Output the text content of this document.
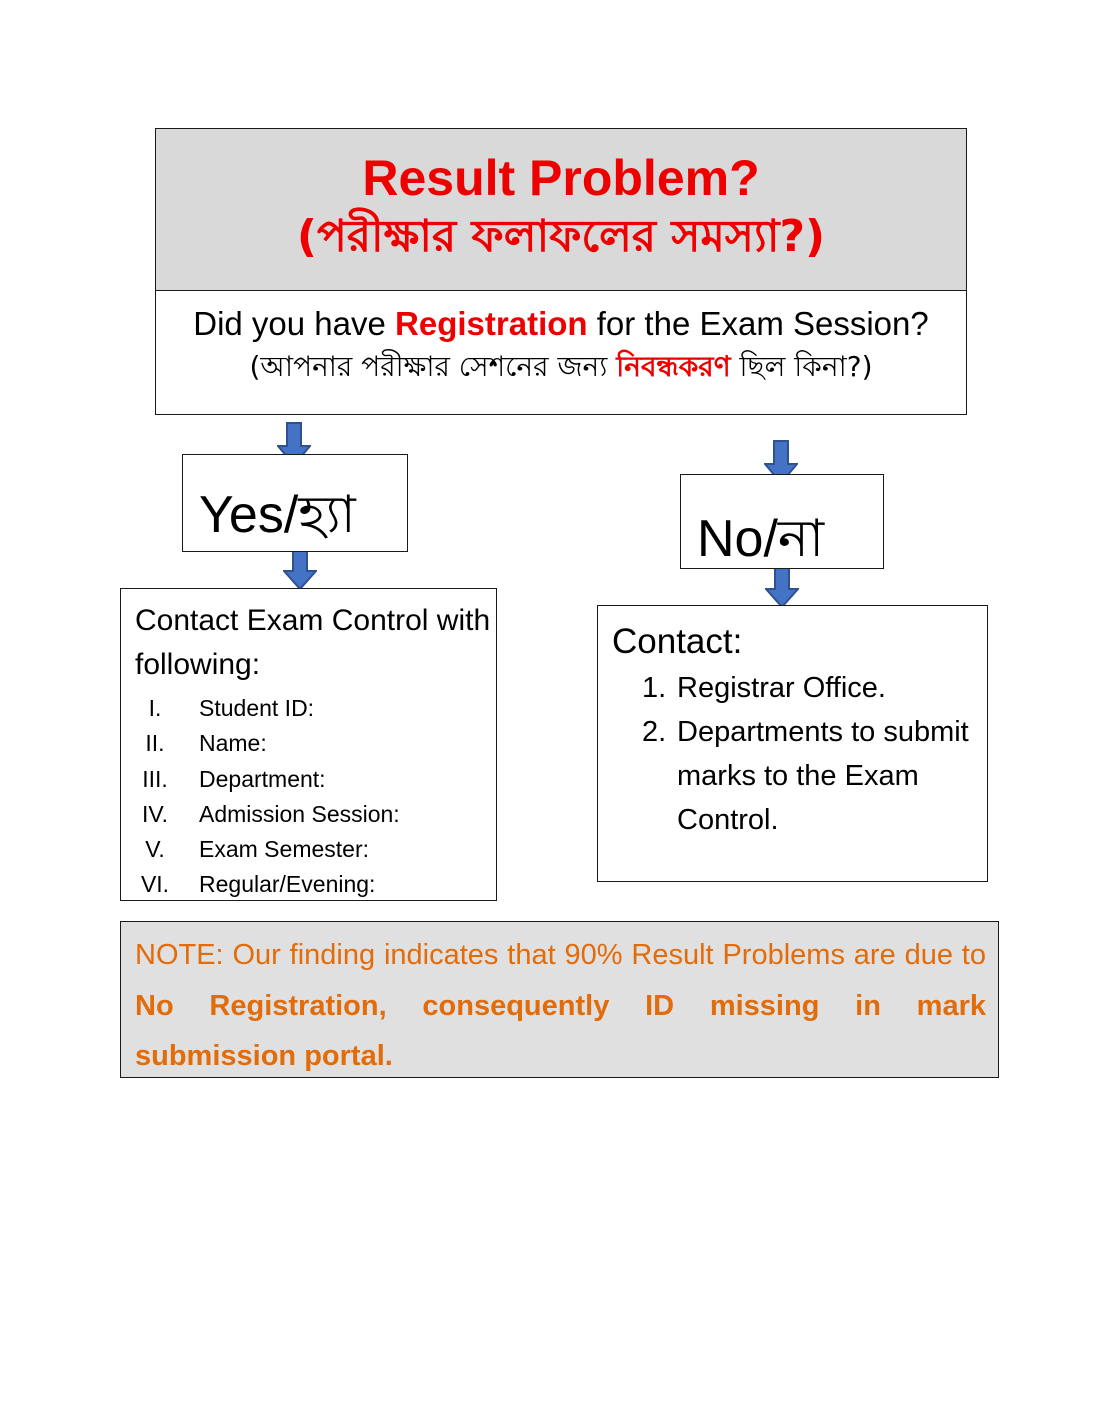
Result Problem?
(পরীক্ষার ফলাফলের সমস্যা?)
Did you have Registration for the Exam Session?
(আপনার পরীক্ষার সেশনের জন্য নিবন্ধকরণ ছিল কিনা?)
Yes/হ্যা	No/না
Contact Exam Control with following:
I. Student ID:
II. Name:
III. Department:
IV. Admission Session:
V. Exam Semester:
VI. Regular/Evening:
Contact:
1. Registrar Office.
2. Departments to submit marks to the Exam Control.
NOTE: Our finding indicates that 90% Result Problems are due to No Registration, consequently ID missing in mark submission portal.
